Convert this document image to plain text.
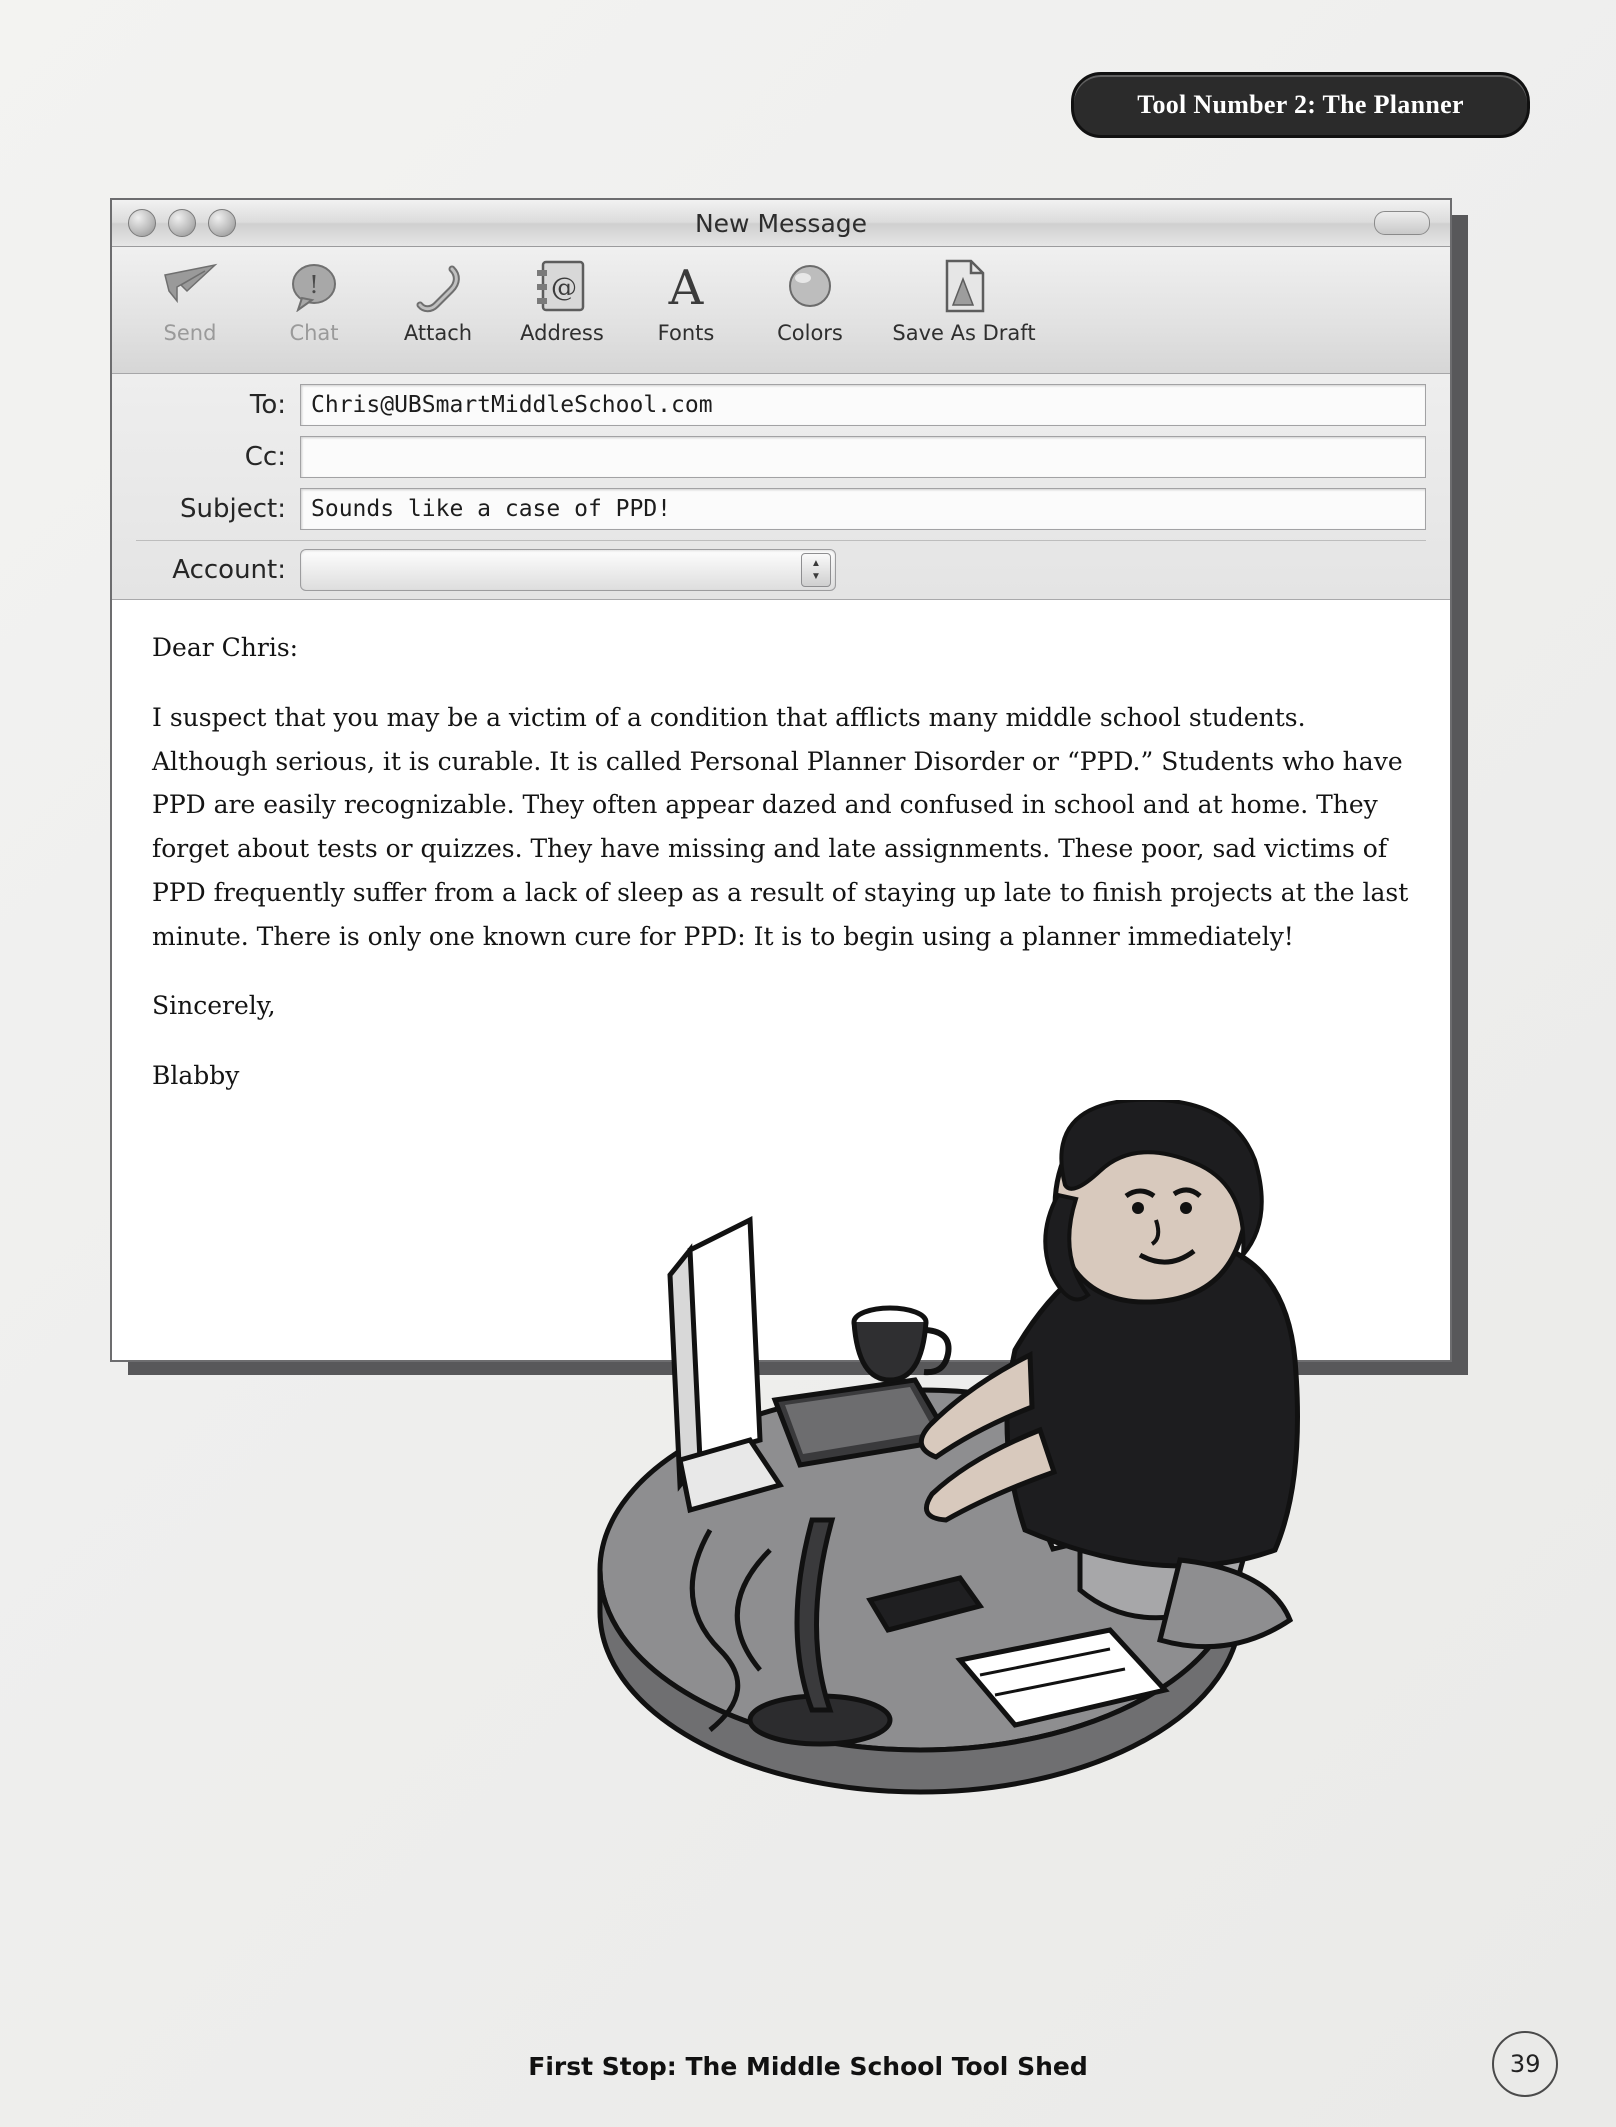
Tool Number 2: The Planner
New Message
Send
!
Chat	Attach
@
Address
A
Fonts	Colors Save As Draft
To:	Chris@UBSmartMiddleSchool.com
Cc:
Subject:	Sounds like a case of PPD!
Account:	▲
▼

Dear Chris:

I suspect that you may be a victim of a condition that afflicts many middle school students. Although serious, it is curable. It is called Personal Planner Disorder or “PPD.” Students who have PPD are easily recognizable. They often appear dazed and confused in school and at home. They forget about tests or quizzes. They have missing and late assignments. These poor, sad victims of PPD frequently suffer from a lack of sleep as a result of staying up late to finish projects at the last minute. There is only one known cure for PPD: It is to begin using a planner immediately!

Sincerely,

Blabby

First Stop: The Middle School Tool Shed	39
